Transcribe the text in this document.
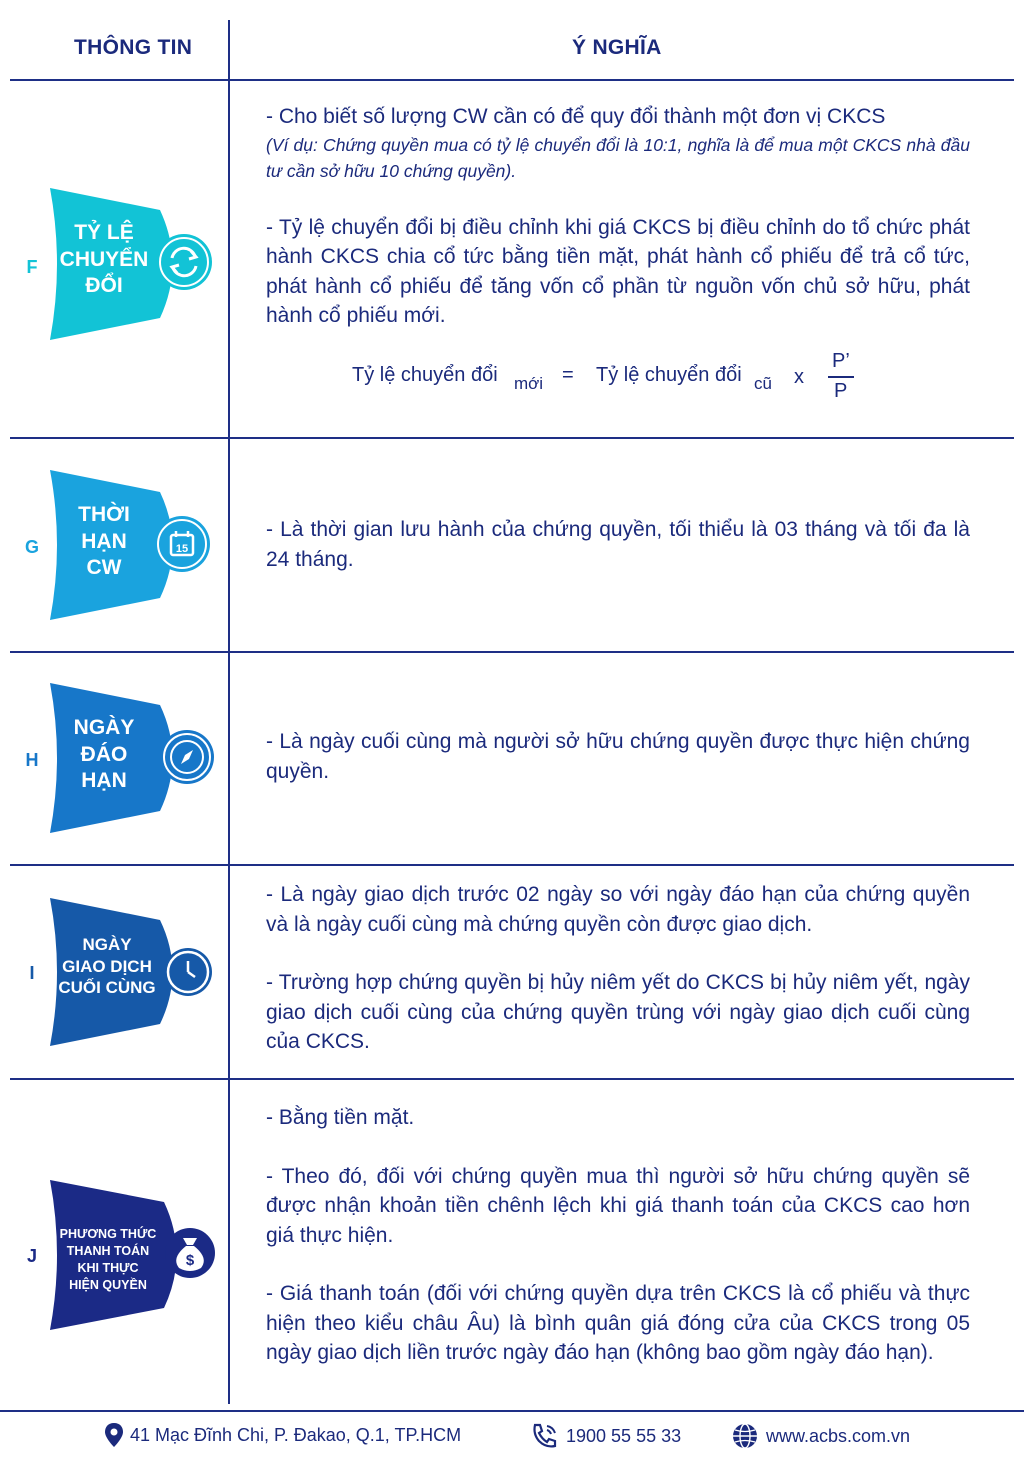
THÔNG TIN	Ý NGHĨA
F
TỶ LỆ
CHUYỂN
ĐỔI

- Cho biết số lượng CW cần có để quy đổi thành một đơn vị CKCS

(Ví dụ: Chứng quyền mua có tỷ lệ chuyển đổi là 10:1, nghĩa là để mua một CKCS nhà đầu tư cần sở hữu 10 chứng quyền).

- Tỷ lệ chuyển đổi bị điều chỉnh khi giá CKCS bị điều chỉnh do tổ chức phát hành CKCS chia cổ tức bằng tiền mặt, phát hành cổ phiếu để trả cổ tức, phát hành cổ phiếu để tăng vốn cổ phần từ nguồn vốn chủ sở hữu, phát hành cổ phiếu mới.

Tỷ lệ chuyển đổi mới = Tỷ lệ chuyển đổi cũ x
P’
P
G
THỜI
HẠN
CW
15

- Là thời gian lưu hành của chứng quyền, tối thiểu là 03 tháng và tối đa là 24 tháng.

H
NGÀY
ĐÁO
HẠN

- Là ngày cuối cùng mà người sở hữu chứng quyền được thực hiện chứng quyền.

I
NGÀY
GIAO DỊCH
CUỐI CÙNG

- Là ngày giao dịch trước 02 ngày so với ngày đáo hạn của chứng quyền và là ngày cuối cùng mà chứng quyền còn được giao dịch.

- Trường hợp chứng quyền bị hủy niêm yết do CKCS bị hủy niêm yết, ngày giao dịch cuối cùng của chứng quyền trùng với ngày giao dịch cuối cùng của CKCS.

J
PHƯƠNG THỨC
THANH TOÁN
KHI THỰC
HIỆN QUYỀN
$

- Bằng tiền mặt.

- Theo đó, đối với chứng quyền mua thì người sở hữu chứng quyền sẽ được nhận khoản tiền chênh lệch khi giá thanh toán của CKCS cao hơn giá thực hiện.

- Giá thanh toán (đối với chứng quyền dựa trên CKCS là cổ phiếu và thực hiện theo kiểu châu Âu) là bình quân giá đóng cửa của CKCS trong 05 ngày giao dịch liền trước ngày đáo hạn (không bao gồm ngày đáo hạn).

41 Mạc Đĩnh Chi, P. Đakao, Q.1, TP.HCM	1900 55 55 33	www.acbs.com.vn
